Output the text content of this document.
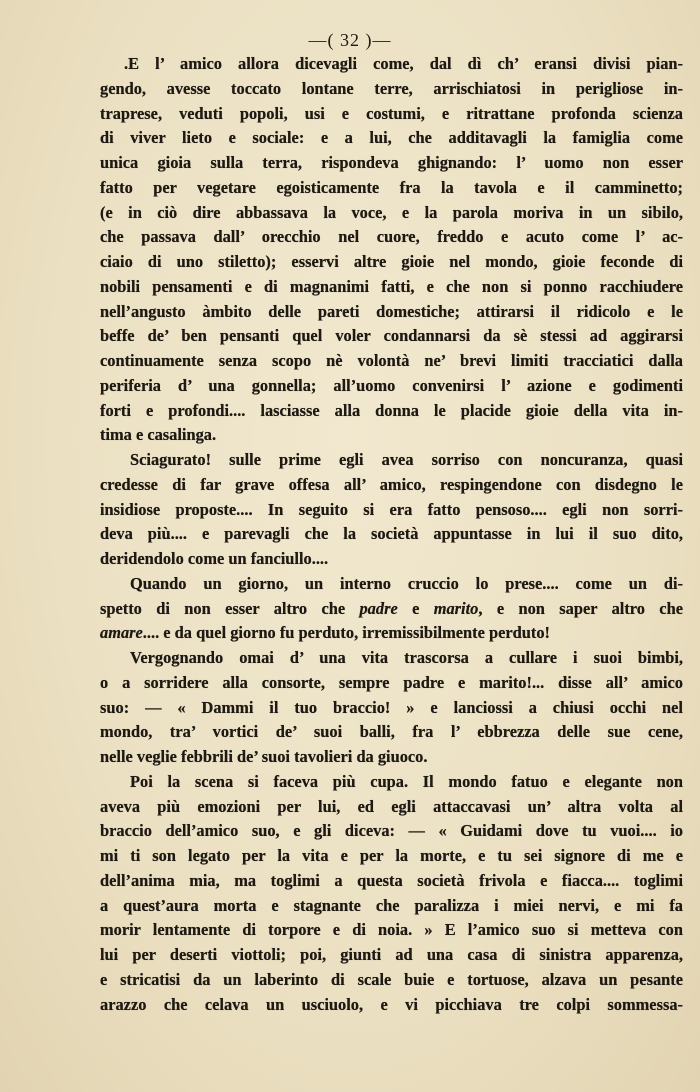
—( 32 )—

.E l’ amico allora dicevagli come, dal dì ch’ eransi divisi pian-
gendo, avesse toccato lontane terre, arrischiatosi in perigliose in-
traprese, veduti popoli, usi e costumi, e ritrattane profonda scienza
di viver lieto e sociale: e a lui, che additavagli la famiglia come
unica gioia sulla terra, rispondeva ghignando: l’ uomo non esser
fatto per vegetare egoisticamente fra la tavola e il camminetto;
(e in ciò dire abbassava la voce, e la parola moriva in un sibilo,
che passava dall’ orecchio nel cuore, freddo e acuto come l’ ac-
ciaio di uno stiletto); esservi altre gioie nel mondo, gioie feconde di
nobili pensamenti e di magnanimi fatti, e che non si ponno racchiudere
nell’angusto àmbito delle pareti domestiche; attirarsi il ridicolo e le
beffe de’ ben pensanti quel voler condannarsi da sè stessi ad aggirarsi
continuamente senza scopo nè volontà ne’ brevi limiti tracciatici dalla
periferia d’ una gonnella; all’uomo convenirsi l’ azione e godimenti
forti e profondi.... lasciasse alla donna le placide gioie della vita in-
tima e casalinga.

Sciagurato! sulle prime egli avea sorriso con noncuranza, quasi
credesse di far grave offesa all’ amico, respingendone con disdegno le
insidiose proposte.... In seguito si era fatto pensoso.... egli non sorri-
deva più.... e parevagli che la società appuntasse in lui il suo dito,
deridendolo come un fanciullo....

Quando un giorno, un interno cruccio lo prese.... come un di-
spetto di non esser altro che padre e marito, e non saper altro che
amare.... e da quel giorno fu perduto, irremissibilmente perduto!

Vergognando omai d’ una vita trascorsa a cullare i suoi bimbi,
o a sorridere alla consorte, sempre padre e marito!... disse all’ amico
suo: — « Dammi il tuo braccio! » e lanciossi a chiusi occhi nel
mondo, tra’ vortici de’ suoi balli, fra l’ ebbrezza delle sue cene,
nelle veglie febbrili de’ suoi tavolieri da giuoco.

Poi la scena si faceva più cupa. Il mondo fatuo e elegante non
aveva più emozioni per lui, ed egli attaccavasi un’ altra volta al
braccio dell’amico suo, e gli diceva: — « Guidami dove tu vuoi.... io
mi ti son legato per la vita e per la morte, e tu sei signore di me e
dell’anima mia, ma toglimi a questa società frivola e fiacca.... toglimi
a quest’aura morta e stagnante che paralizza i miei nervi, e mi fa
morir lentamente di torpore e di noia. » E l’amico suo si metteva con
lui per deserti viottoli; poi, giunti ad una casa di sinistra apparenza,
e stricatisi da un laberinto di scale buie e tortuose, alzava un pesante
arazzo che celava un usciuolo, e vi picchiava tre colpi sommessa-
